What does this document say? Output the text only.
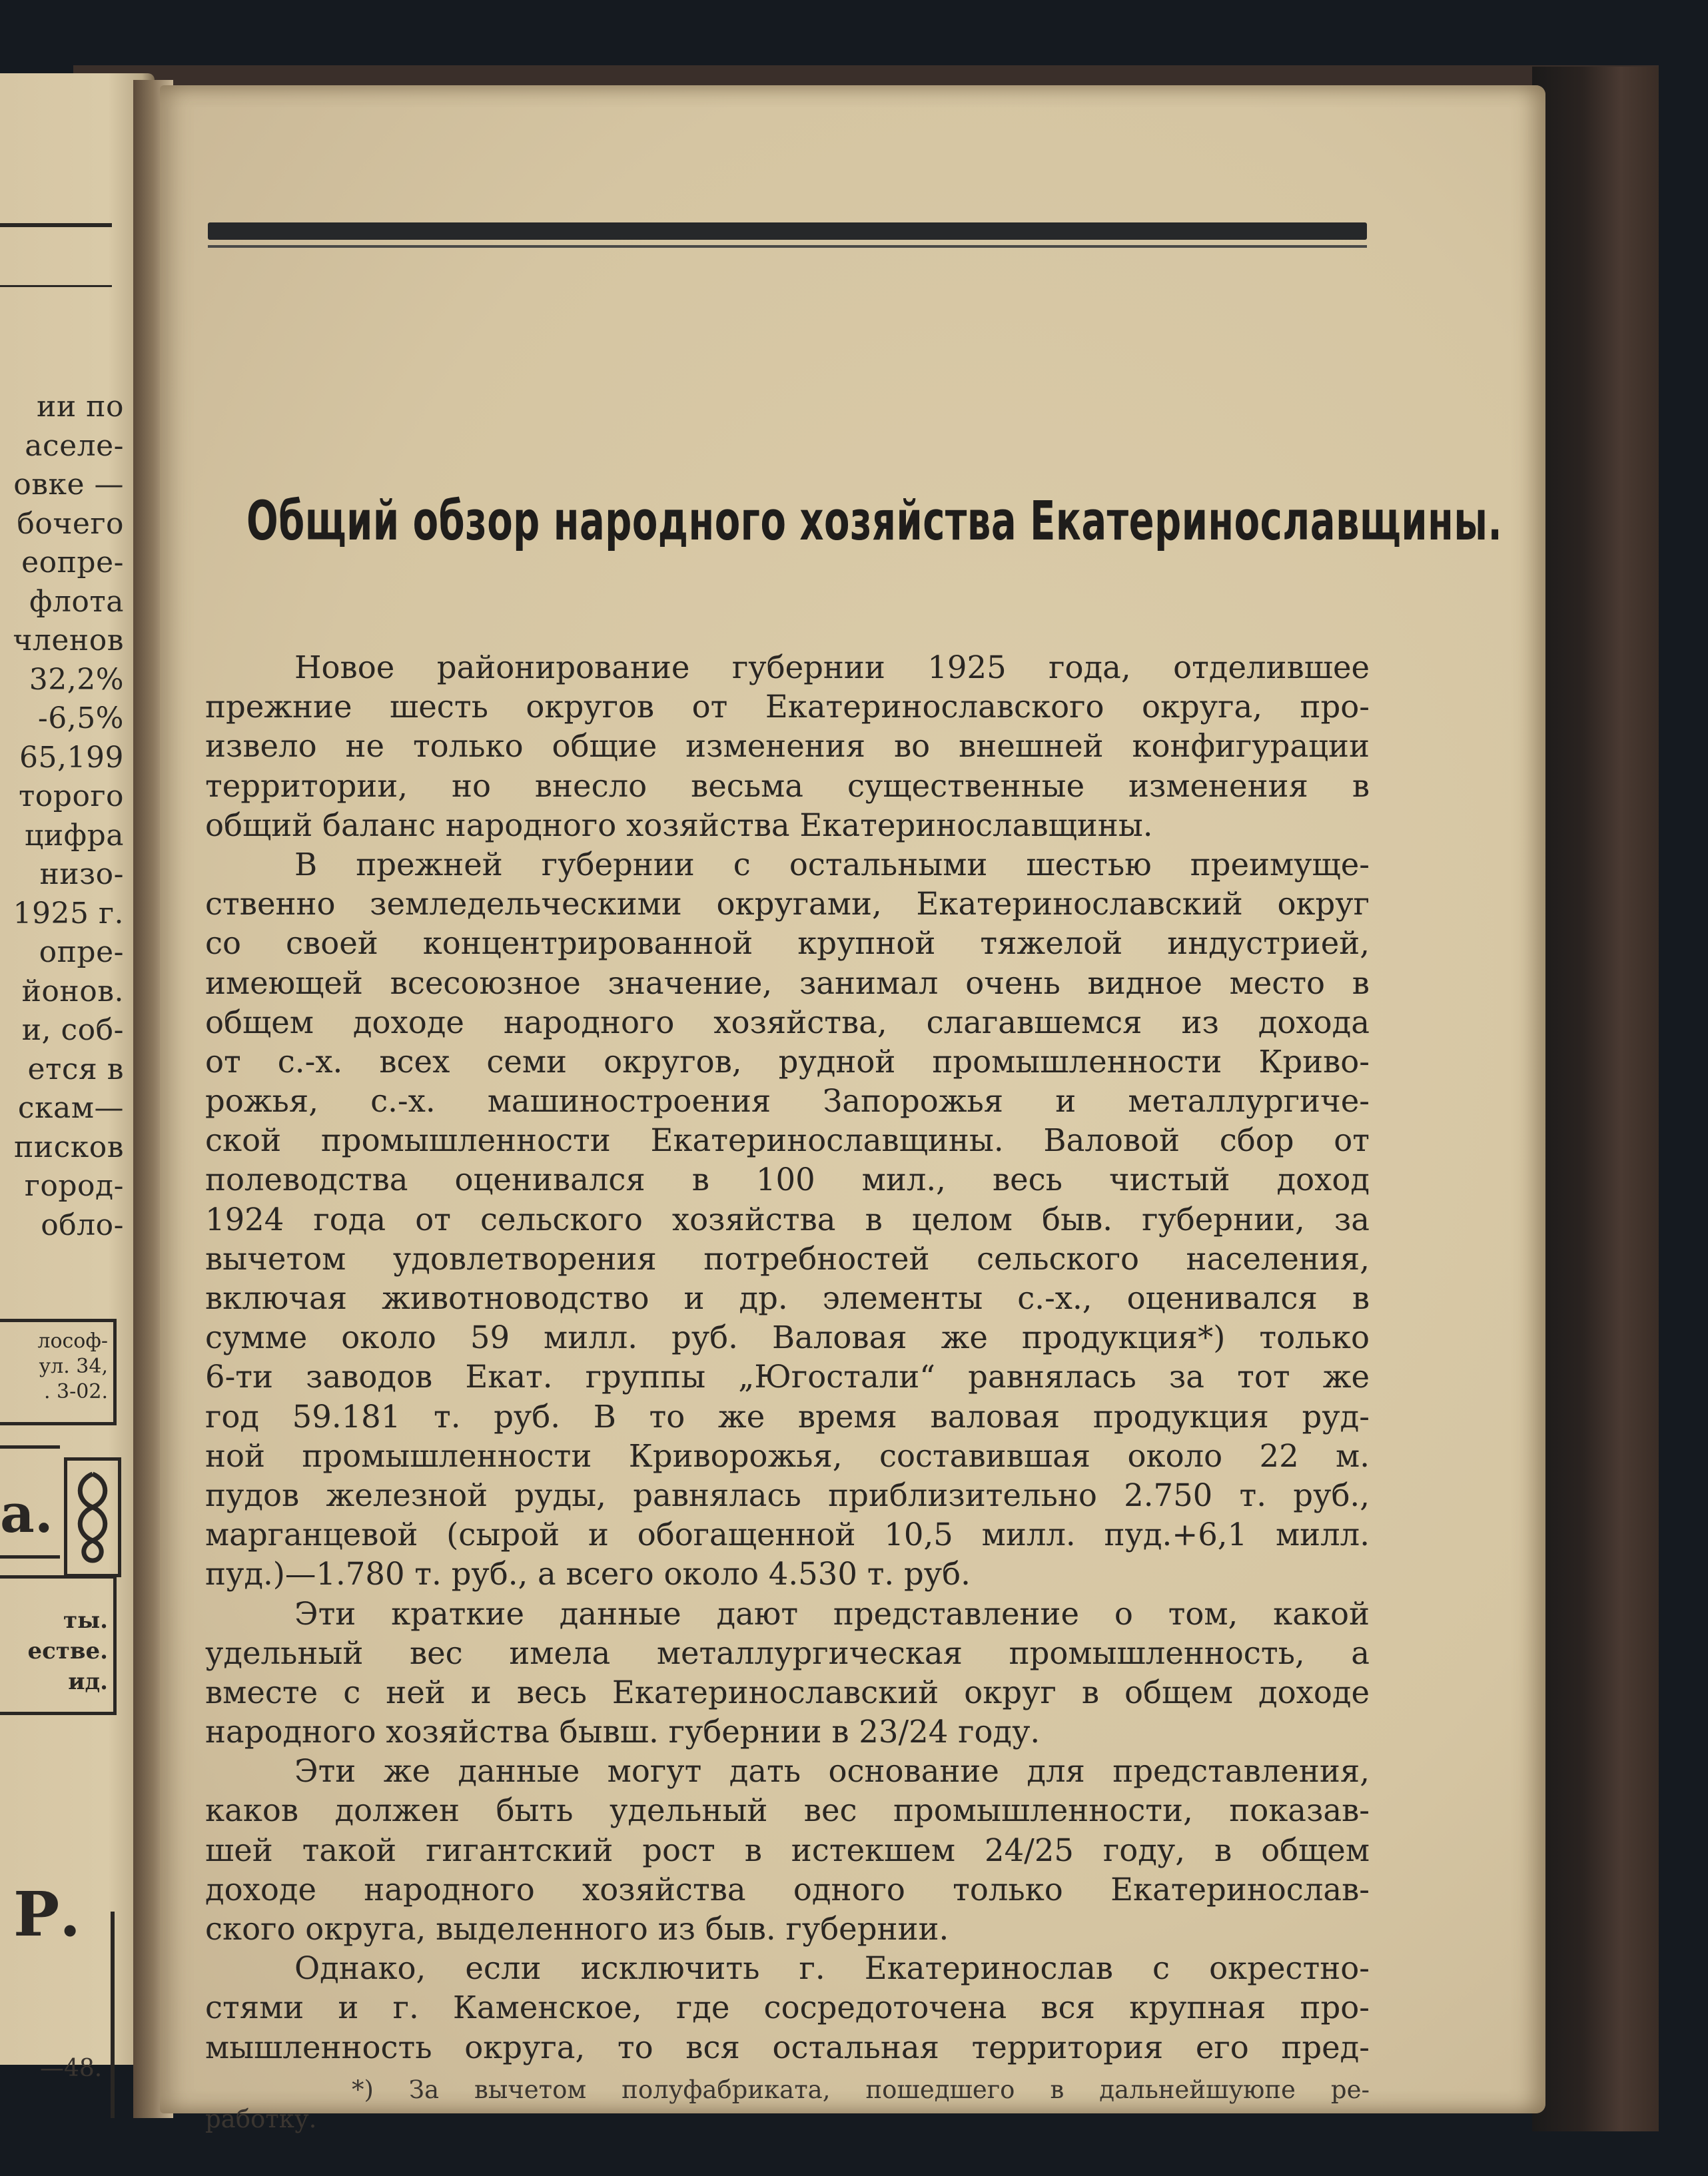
ии по
аселе-
овке —
бочего
еопре-
флота
членов
32,2%
-6,5%
65,199
торого
цифра
низо-
1925 г.
опре-
йонов.
и, соб-
ется в
скам—
писков
город-
обло-
лософ-
ул. 34,
. 3-02.
а.
ты.
естве.
ид.
Р.
—48.
Общий обзор народного хозяйства Екатеринославщины.
Новое районирование губернии 1925 года, отделившее
прежние шесть округов от Екатеринославского округа, про-
извело не только общие изменения во внешней конфигурации
территории, но внесло весьма существенные изменения в
общий баланс народного хозяйства Екатеринославщины.
В прежней губернии с остальными шестью преимуще-
ственно земледельческими округами, Екатеринославский округ
со своей концентрированной крупной тяжелой индустрией,
имеющей всесоюзное значение, занимал очень видное место в
общем доходе народного хозяйства, слагавшемся из дохода
от с.-х. всех семи округов, рудной промышленности Криво-
рожья, с.-х. машиностроения Запорожья и металлургиче-
ской промышленности Екатеринославщины. Валовой сбор от
полеводства оценивался в 100 мил., весь чистый доход
1924 года от сельского хозяйства в целом быв. губернии, за
вычетом удовлетворения потребностей сельского населения,
включая животноводство и др. элементы с.-х., оценивался в
сумме около 59 милл. руб. Валовая же продукция*) только
6-ти заводов Екат. группы „Югостали“ равнялась за тот же
год 59.181 т. руб. В то же время валовая продукция руд-
ной промышленности Криворожья, составившая около 22 м.
пудов железной руды, равнялась приблизительно 2.750 т. руб.,
марганцевой (сырой и обогащенной 10,5 милл. пуд.+6,1 милл.
пуд.)—1.780 т. руб., а всего около 4.530 т. руб.
Эти краткие данные дают представление о том, какой
удельный вес имела металлургическая промышленность, а
вместе с ней и весь Екатеринославский округ в общем доходе
народного хозяйства бывш. губернии в 23/24 году.
Эти же данные могут дать основание для представления,
каков должен быть удельный вес промышленности, показав-
шей такой гигантский рост в истекшем 24/25 году, в общем
доходе народного хозяйства одного только Екатеринослав-
ского округа, выделенного из быв. губернии.
Однако, если исключить г. Екатеринослав с окрестно-
стями и г. Каменское, где сосредоточена вся крупная про-
мышленность округа, то вся остальная территория его пред-
*) За вычетом полуфабриката, пошедшего в дальнейшуюпе ре-
работку.
